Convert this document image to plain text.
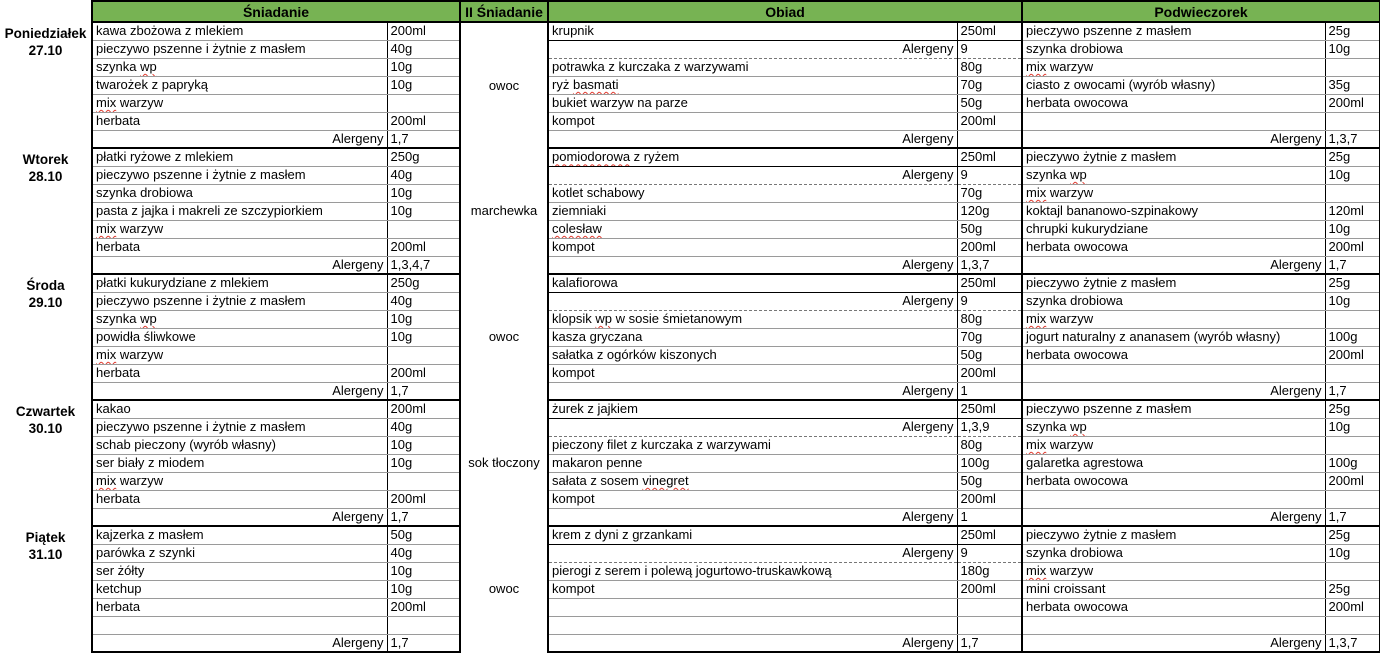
	Śniadanie		II Śniadanie	Obiad		Podwieczorek	

Poniedziałek
27.10	kawa zbożowa z mlekiem	200ml	owoc	krupnik	250ml	pieczywo pszenne z masłem	25g
	pieczywo pszenne i żytnie z masłem	40g		Alergeny	9	szynka drobiowa	10g
	szynka wp	10g		potrawka z kurczaka z warzywami	80g	mix warzyw	
	twarożek z papryką	10g		ryż basmati	70g	ciasto z owocami (wyrób własny)	35g
	mix warzyw			bukiet warzyw na parze	50g	herbata owocowa	200ml
	herbata	200ml		kompot	200ml		
	Alergeny	1,7		Alergeny		Alergeny	1,3,7

Wtorek
28.10	płatki ryżowe z mlekiem	250g	marchewka	pomiodorowa z ryżem	250ml	pieczywo żytnie z masłem	25g
	pieczywo pszenne i żytnie z masłem	40g		Alergeny	9	szynka wp	10g
	szynka drobiowa	10g		kotlet schabowy	70g	mix warzyw	
	pasta z jajka i makreli ze szczypiorkiem	10g		ziemniaki	120g	koktajl bananowo-szpinakowy	120ml
	mix warzyw			colesław	50g	chrupki kukurydziane	10g
	herbata	200ml		kompot	200ml	herbata owocowa	200ml
	Alergeny	1,3,4,7		Alergeny	1,3,7	Alergeny	1,7

Środa
29.10	płatki kukurydziane z mlekiem	250g	owoc	kalafiorowa	250ml	pieczywo żytnie z masłem	25g
	pieczywo pszenne i żytnie z masłem	40g		Alergeny	9	szynka drobiowa	10g
	szynka wp	10g		klopsik wp w sosie śmietanowym	80g	mix warzyw	
	powidła śliwkowe	10g		kasza gryczana	70g	jogurt naturalny z ananasem (wyrób własny)	100g
	mix warzyw			sałatka z ogórków kiszonych	50g	herbata owocowa	200ml
	herbata	200ml		kompot	200ml		
	Alergeny	1,7		Alergeny	1	Alergeny	1,7

Czwartek
30.10	kakao	200ml	sok tłoczony	żurek z jajkiem	250ml	pieczywo pszenne z masłem	25g
	pieczywo pszenne i żytnie z masłem	40g		Alergeny	1,3,9	szynka wp	10g
	schab pieczony (wyrób własny)	10g		pieczony filet z kurczaka z warzywami	80g	mix warzyw	
	ser biały z miodem	10g		makaron penne	100g	galaretka agrestowa	100g
	mix warzyw			sałata z sosem vinegret	50g	herbata owocowa	200ml
	herbata	200ml		kompot	200ml		
	Alergeny	1,7		Alergeny	1	Alergeny	1,7

Piątek
31.10	kajzerka z masłem	50g	owoc	krem z dyni z grzankami	250ml	pieczywo żytnie z masłem	25g
	parówka z szynki	40g		Alergeny	9	szynka drobiowa	10g
	ser żółty	10g		pierogi z serem i polewą jogurtowo-truskawkową	180g	mix warzyw	
	ketchup	10g		kompot	200ml	mini croissant	25g
	herbata	200ml				herbata owocowa	200ml

	Alergeny	1,7		Alergeny	1,7	Alergeny	1,3,7
